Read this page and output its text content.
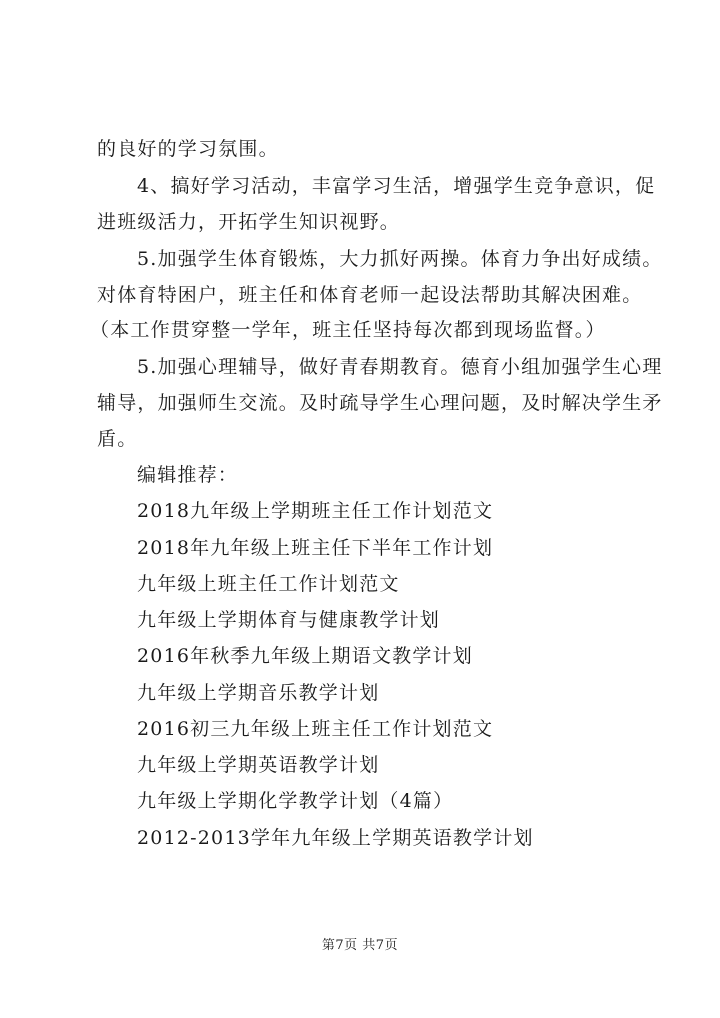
的良好的学习氛围。
4、搞好学习活动，丰富学习生活，增强学生竞争意识，促
进班级活力，开拓学生知识视野。
5.加强学生体育锻炼，大力抓好两操。体育力争出好成绩。
对体育特困户，班主任和体育老师一起设法帮助其解决困难。
（本工作贯穿整一学年，班主任坚持每次都到现场监督。）
5.加强心理辅导，做好青春期教育。德育小组加强学生心理
辅导，加强师生交流。及时疏导学生心理问题，及时解决学生矛
盾。
编辑推荐：
2018九年级上学期班主任工作计划范文
2018年九年级上班主任下半年工作计划
九年级上班主任工作计划范文
九年级上学期体育与健康教学计划
2016年秋季九年级上期语文教学计划
九年级上学期音乐教学计划
2016初三九年级上班主任工作计划范文
九年级上学期英语教学计划
九年级上学期化学教学计划（4篇）
2012-2013学年九年级上学期英语教学计划
第7页 共7页
